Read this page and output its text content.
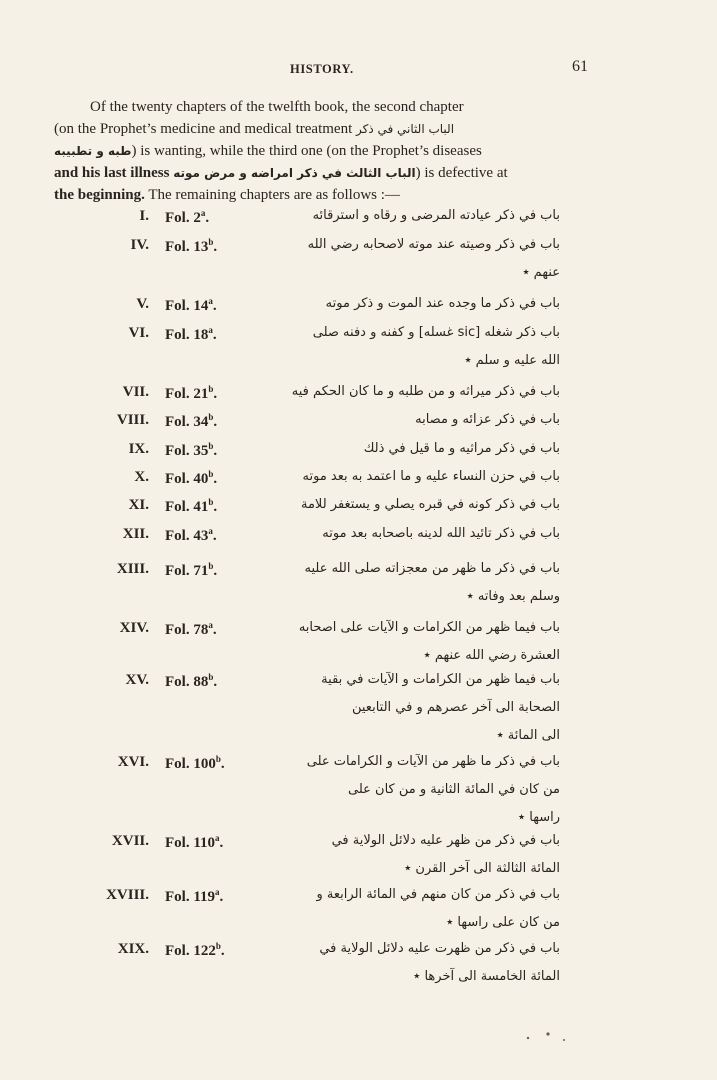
HISTORY.	61
Of the twenty chapters of the twelfth book, the second chapter
(on the Prophet’s medicine and medical treatment الباب الثاني في ذكر
طبه و تطبيبه) is wanting, while the third one (on the Prophet’s diseases
and his last illness الباب الثالث في ذكر امراضه و مرض موته) is defective at
the beginning. The remaining chapters are as follows :—
I. Fol. 2$^a$.	باب في ذكر عيادته المرضى و رقاه و استرقائه
IV. Fol. 13$^b$.	باب في ذكر وصيته عند موته لاصحابه رضي الله
عنهم ٭
V. Fol. 14$^a$.	باب في ذكر ما وجده عند الموت و ذكر موته
VI. Fol. 18$^a$.	باب ذكر شغله [sic غسله] و كفنه و دفنه صلى
الله عليه و سلم ٭
VII. Fol. 21$^b$.	باب في ذكر ميراثه و من طلبه و ما كان الحكم فيه
VIII. Fol. 34$^b$.	باب في ذكر عزائه و مصابه
IX. Fol. 35$^b$.	باب في ذكر مراثيه و ما قيل في ذلك
X. Fol. 40$^b$.	باب في حزن النساء عليه و ما اعتمد به بعد موته
XI. Fol. 41$^b$.	باب في ذكر كونه في قبره يصلي و يستغفر للامة
XII. Fol. 43$^a$.	باب في ذكر تائيد الله لدينه باصحابه بعد موته
XIII. Fol. 71$^b$.	باب في ذكر ما ظهر من معجزاته صلى الله عليه
وسلم بعد وفاته ٭
XIV. Fol. 78$^a$.	باب فيما ظهر من الكرامات و الآيات على اصحابه
العشرة رضي الله عنهم ٭
XV. Fol. 88$^b$.	باب فيما ظهر من الكرامات و الآيات في بقية
الصحابة الى آخر عصرهم و في التابعين
الى المائة ٭
XVI. Fol. 100$^b$.	باب في ذكر ما ظهر من الآيات و الكرامات على
من كان في المائة الثانية و من كان على
راسها ٭
XVII. Fol. 110$^a$.	باب في ذكر من ظهر عليه دلائل الولاية في
المائة الثالثة الى آخر القرن ٭
XVIII. Fol. 119$^a$.	باب في ذكر من كان منهم في المائة الرابعة و
من كان على راسها ٭
XIX. Fol. 122$^b$.	باب في ذكر من ظهرت عليه دلائل الولاية في
المائة الخامسة الى آخرها ٭
